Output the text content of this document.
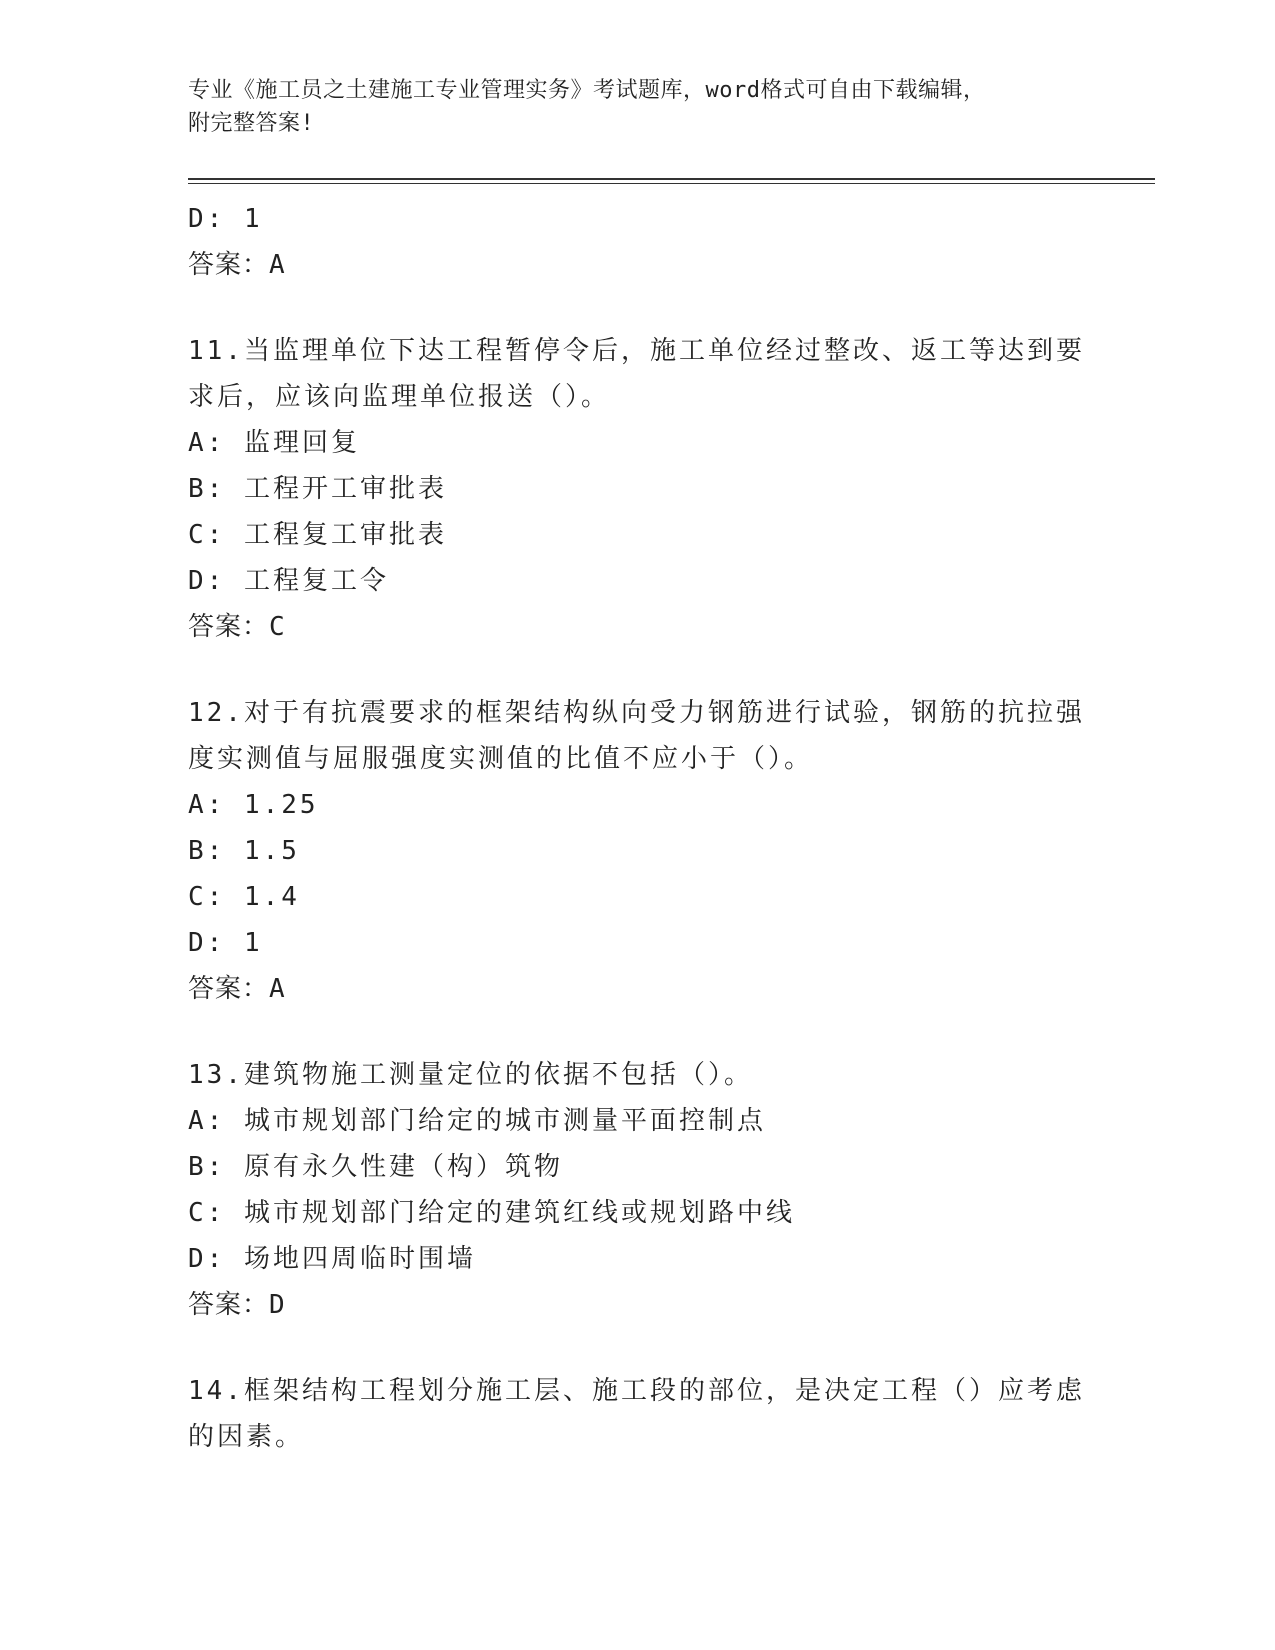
专业《施工员之土建施工专业管理实务》考试题库，word格式可自由下载编辑，
附完整答案!
D: 1
答案：A
11.当监理单位下达工程暂停令后，施工单位经过整改、返工等达到要
求后，应该向监理单位报送（）。
A: 监理回复
B: 工程开工审批表
C: 工程复工审批表
D: 工程复工令
答案：C
12.对于有抗震要求的框架结构纵向受力钢筋进行试验，钢筋的抗拉强
度实测值与屈服强度实测值的比值不应小于（）。
A: 1.25
B: 1.5
C: 1.4
D: 1
答案：A
13.建筑物施工测量定位的依据不包括（）。
A: 城市规划部门给定的城市测量平面控制点
B: 原有永久性建（构）筑物
C: 城市规划部门给定的建筑红线或规划路中线
D: 场地四周临时围墙
答案：D
14.框架结构工程划分施工层、施工段的部位，是决定工程（）应考虑
的因素。
